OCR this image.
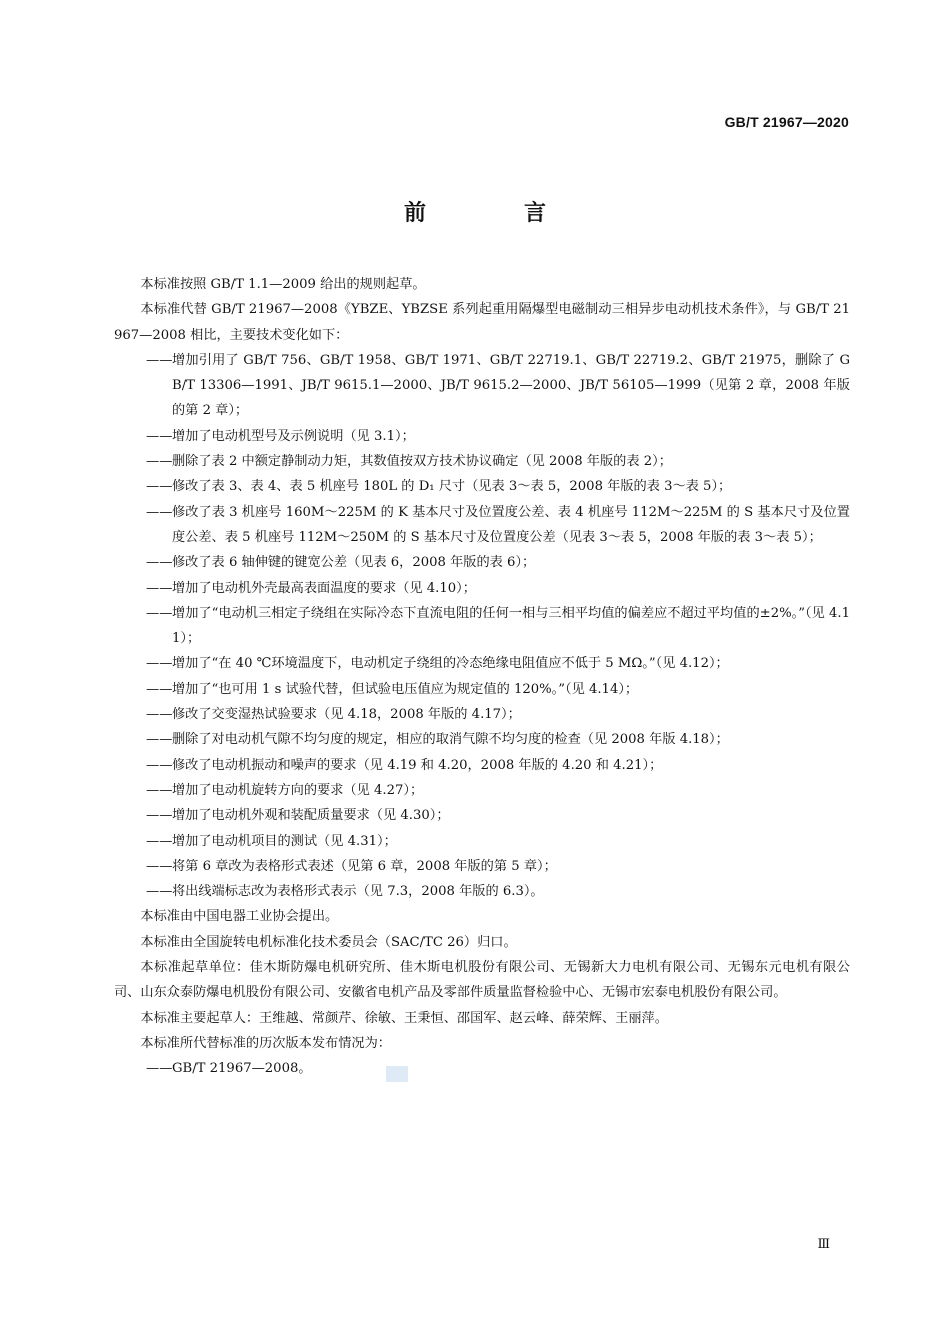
GB/T 21967—2020
前　言

本标准按照 GB/T 1.1—2009 给出的规则起草。

本标准代替 GB/T 21967—2008《YBZE、YBZSE 系列起重用隔爆型电磁制动三相异步电动机技术条件》，与 GB/T 21967—2008 相比，主要技术变化如下：

—— 增加引用了 GB/T 756、GB/T 1958、GB/T 1971、GB/T 22719.1、GB/T 22719.2、GB/T 21975，删除了 GB/T 13306—1991、JB/T 9615.1—2000、JB/T 9615.2—2000、JB/T 56105—1999（见第 2 章，2008 年版的第 2 章）；

—— 增加了电动机型号及示例说明（见 3.1）；

—— 删除了表 2 中额定静制动力矩，其数值按双方技术协议确定（见 2008 年版的表 2）；

—— 修改了表 3、表 4、表 5 机座号 180L 的 D₁ 尺寸（见表 3～表 5，2008 年版的表 3～表 5）；

—— 修改了表 3 机座号 160M～225M 的 K 基本尺寸及位置度公差、表 4 机座号 112M～225M 的 S 基本尺寸及位置度公差、表 5 机座号 112M～250M 的 S 基本尺寸及位置度公差（见表 3～表 5，2008 年版的表 3～表 5）；

—— 修改了表 6 轴伸键的键宽公差（见表 6，2008 年版的表 6）；

—— 增加了电动机外壳最高表面温度的要求（见 4.10）；

—— 增加了“电动机三相定子绕组在实际冷态下直流电阻的任何一相与三相平均值的偏差应不超过平均值的±2%。”（见 4.11）；

—— 增加了“在 40 ℃环境温度下，电动机定子绕组的冷态绝缘电阻值应不低于 5 MΩ。”（见 4.12）；

—— 增加了“也可用 1 s 试验代替，但试验电压值应为规定值的 120%。”（见 4.14）；

—— 修改了交变湿热试验要求（见 4.18，2008 年版的 4.17）；

—— 删除了对电动机气隙不均匀度的规定，相应的取消气隙不均匀度的检查（见 2008 年版 4.18）；

—— 修改了电动机振动和噪声的要求（见 4.19 和 4.20，2008 年版的 4.20 和 4.21）；

—— 增加了电动机旋转方向的要求（见 4.27）；

—— 增加了电动机外观和装配质量要求（见 4.30）；

—— 增加了电动机项目的测试（见 4.31）；

—— 将第 6 章改为表格形式表述（见第 6 章，2008 年版的第 5 章）；

—— 将出线端标志改为表格形式表示（见 7.3，2008 年版的 6.3）。

本标准由中国电器工业协会提出。

本标准由全国旋转电机标准化技术委员会（SAC/TC 26）归口。

本标准起草单位：佳木斯防爆电机研究所、佳木斯电机股份有限公司、无锡新大力电机有限公司、无锡东元电机有限公司、山东众泰防爆电机股份有限公司、安徽省电机产品及零部件质量监督检验中心、无锡市宏泰电机股份有限公司。

本标准主要起草人：王维越、常颜芹、徐敏、王秉恒、邵国军、赵云峰、薛荣辉、王丽萍。

本标准所代替标准的历次版本发布情况为：

—— GB/T 21967—2008。

Ⅲ
